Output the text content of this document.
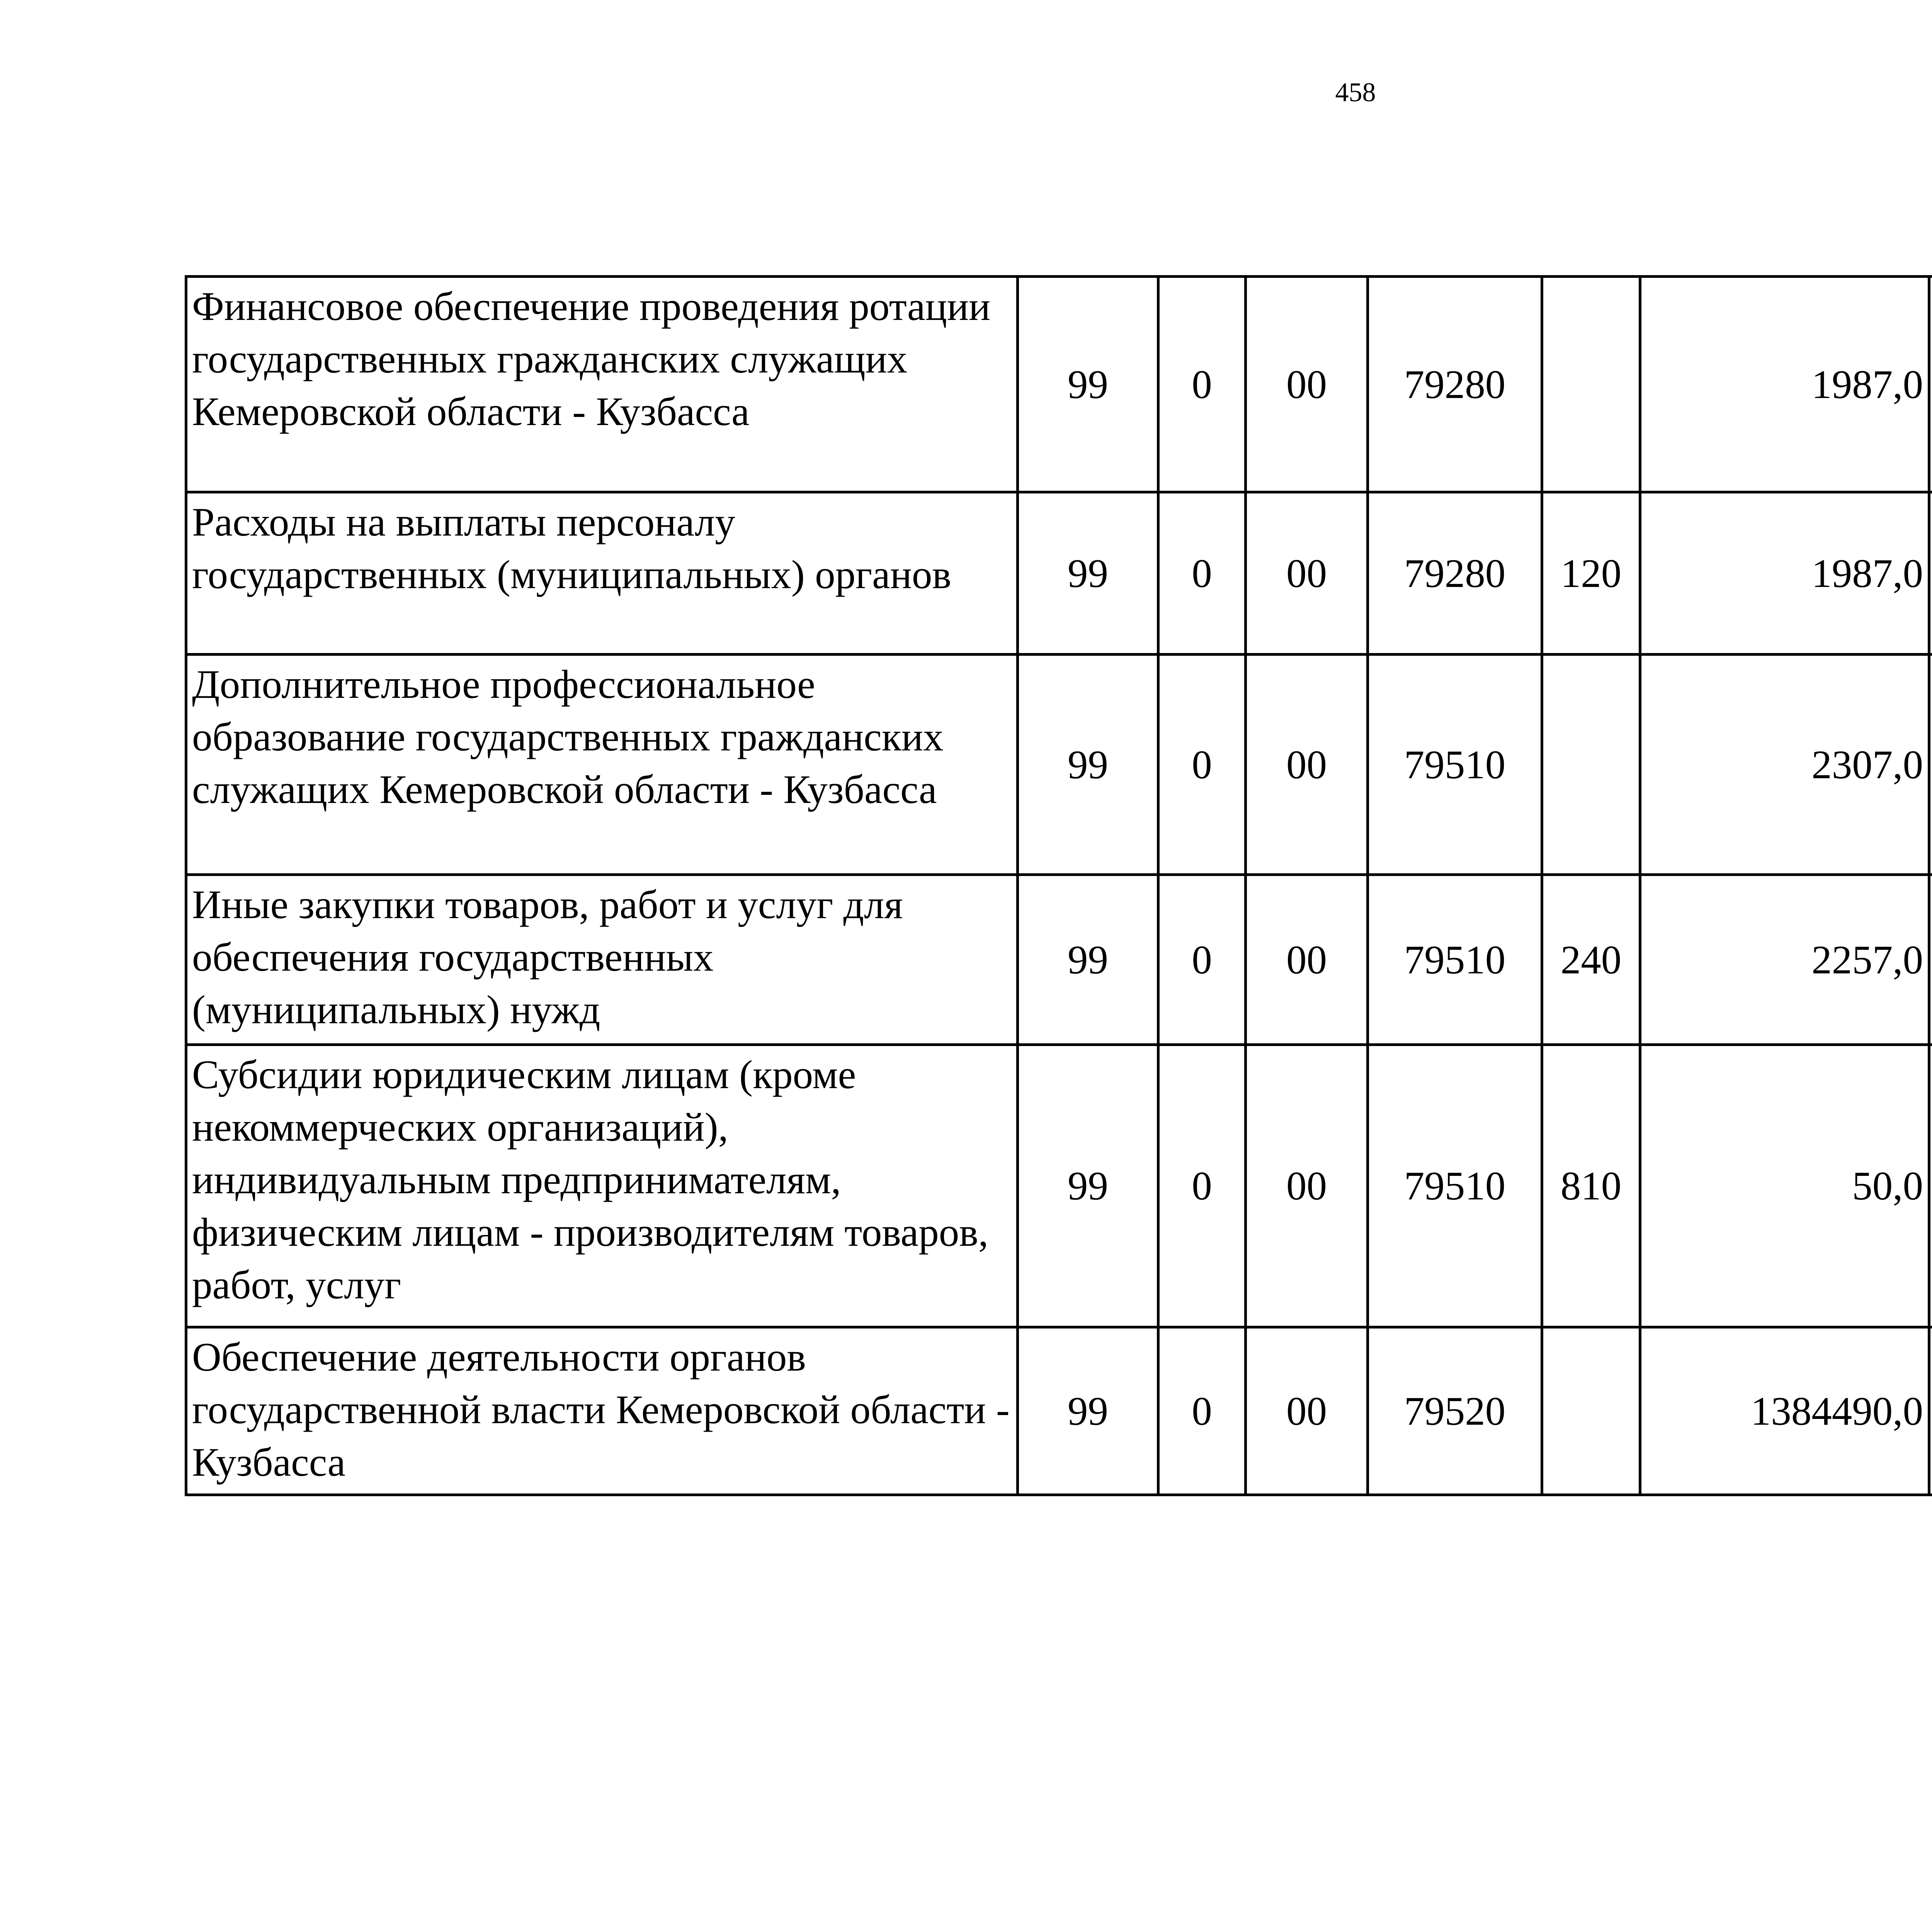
458
Финансовое обеспечение проведения ротации государственных гражданских служащих Кемеровской области - Кузбасса	99	0	00	79280		1987,0		
Расходы на выплаты персоналу государственных (муниципальных) органов	99	0	00	79280	120	1987,0		
Дополнительное профессиональное образование государственных гражданских служащих Кемеровской области - Кузбасса	99	0	00	79510		2307,0		
Иные закупки товаров, работ и услуг для обеспечения государственных (муниципальных) нужд	99	0	00	79510	240	2257,0		
Субсидии юридическим лицам (кроме некоммерческих организаций), индивидуальным предпринимателям, физическим лицам - производителям товаров, работ, услуг	99	0	00	79510	810	50,0		
Обеспечение деятельности органов государственной власти Кемеровской области - Кузбасса	99	0	00	79520		1384490,0		
